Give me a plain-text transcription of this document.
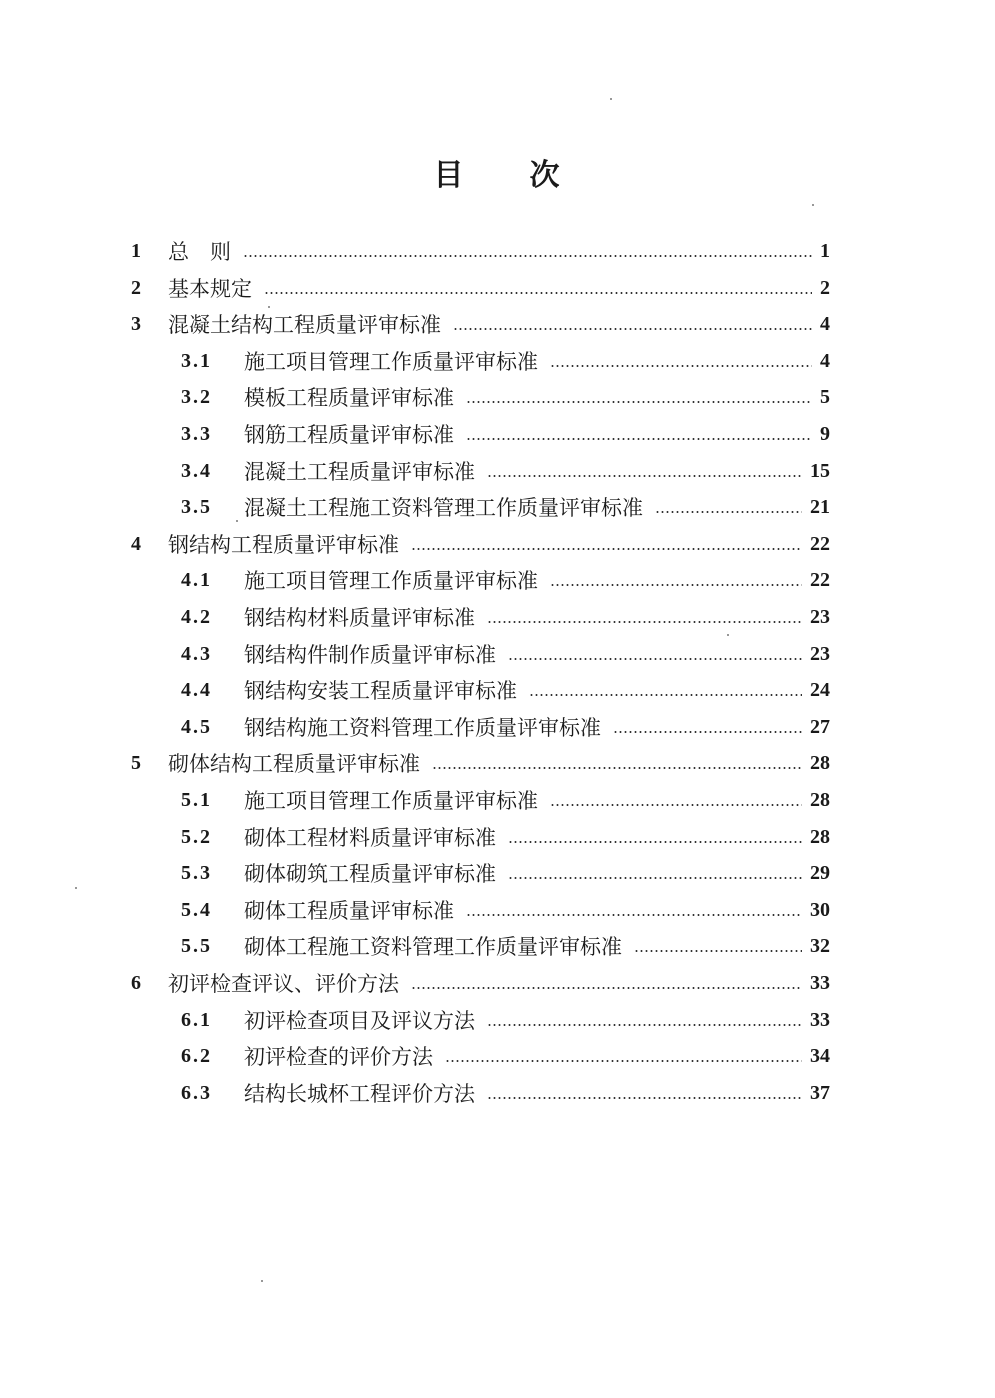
目 次
1 总　则	1
2 基本规定	2
3 混凝土结构工程质量评审标准	4
3.1 施工项目管理工作质量评审标准	4
3.2 模板工程质量评审标准	5
3.3 钢筋工程质量评审标准	9
3.4 混凝土工程质量评审标准	15
3.5 混凝土工程施工资料管理工作质量评审标准	21
4 钢结构工程质量评审标准	22
4.1 施工项目管理工作质量评审标准	22
4.2 钢结构材料质量评审标准	23
4.3 钢结构件制作质量评审标准	23
4.4 钢结构安装工程质量评审标准	24
4.5 钢结构施工资料管理工作质量评审标准	27
5 砌体结构工程质量评审标准	28
5.1 施工项目管理工作质量评审标准	28
5.2 砌体工程材料质量评审标准	28
5.3 砌体砌筑工程质量评审标准	29
5.4 砌体工程质量评审标准	30
5.5 砌体工程施工资料管理工作质量评审标准	32
6 初评检查评议、评价方法	33
6.1 初评检查项目及评议方法	33
6.2 初评检查的评价方法	34
6.3 结构长城杯工程评价方法	37
